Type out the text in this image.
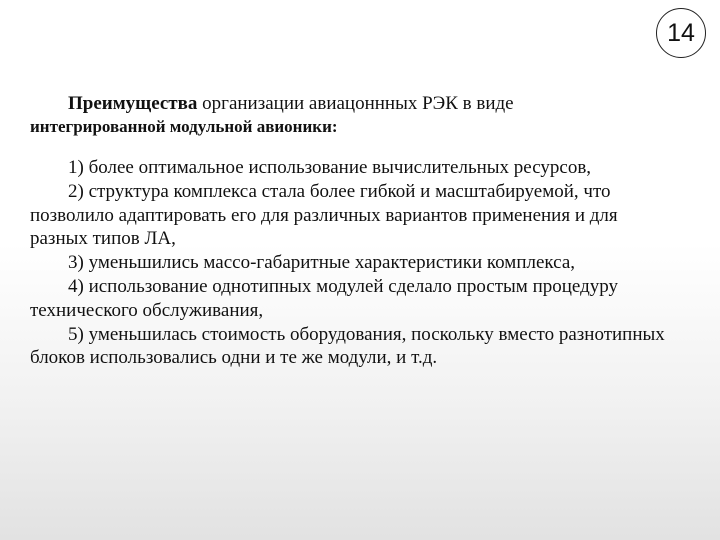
14
Преимущества организации авиацоннных РЭК в виде
интегрированной модульной авионики:
1) более оптимальное использование вычислительных ресурсов,
2) структура комплекса стала более гибкой и масштабируемой, что позволило адаптировать его для различных вариантов применения и для разных типов ЛА,
3) уменьшились массо-габаритные характеристики комплекса,
4) использование однотипных модулей сделало простым процедуру технического обслуживания,
5) уменьшилась стоимость оборудования, поскольку вместо разнотипных блоков использовались одни и те же модули, и т.д.
